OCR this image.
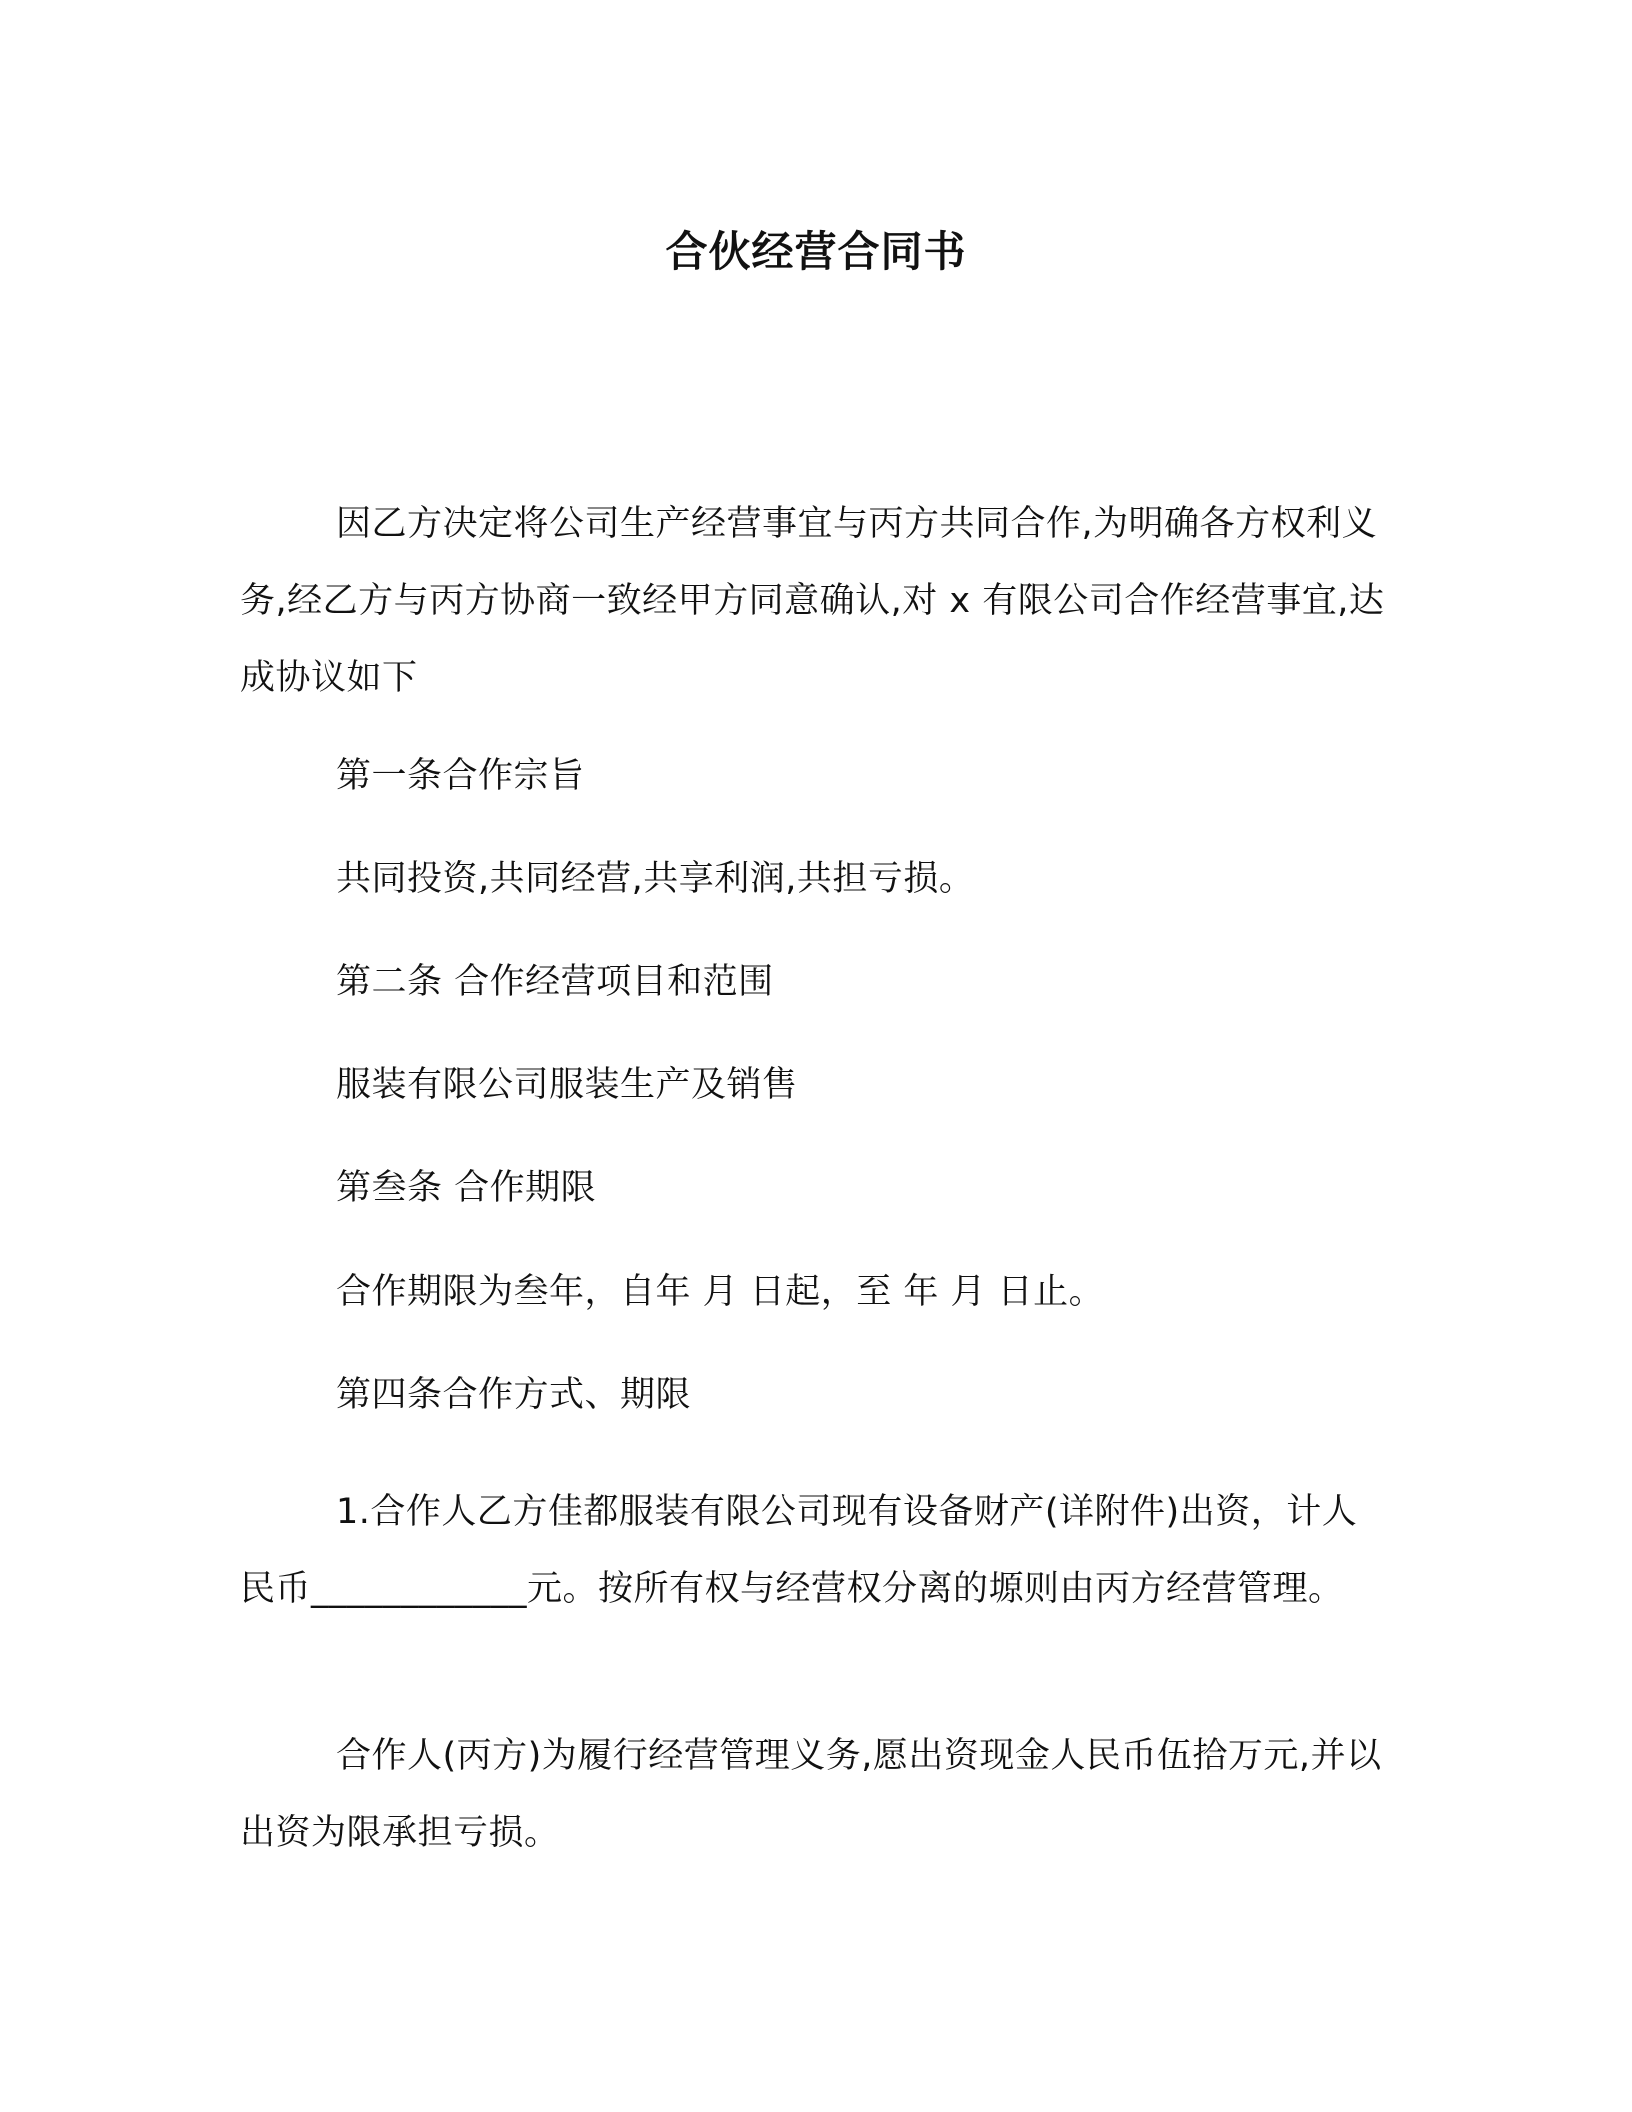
合伙经营合同书
因乙方决定将公司生产经营事宜与丙方共同合作,为明确各方权利义务,经乙方与丙方协商一致经甲方同意确认,对 x 有限公司合作经营事宜,达成协议如下
第一条合作宗旨
共同投资,共同经营,共享利润,共担亏损。
第二条 合作经营项目和范围
服装有限公司服装生产及销售
第叁条 合作期限
合作期限为叁年，自年 月 日起，至 年 月 日止。
第四条合作方式、期限
1.合作人乙方佳都服装有限公司现有设备财产(详附件)出资，计人民币____________元。按所有权与经营权分离的塬则由丙方经营管理。
合作人(丙方)为履行经营管理义务,愿出资现金人民币伍拾万元,并以出资为限承担亏损。
